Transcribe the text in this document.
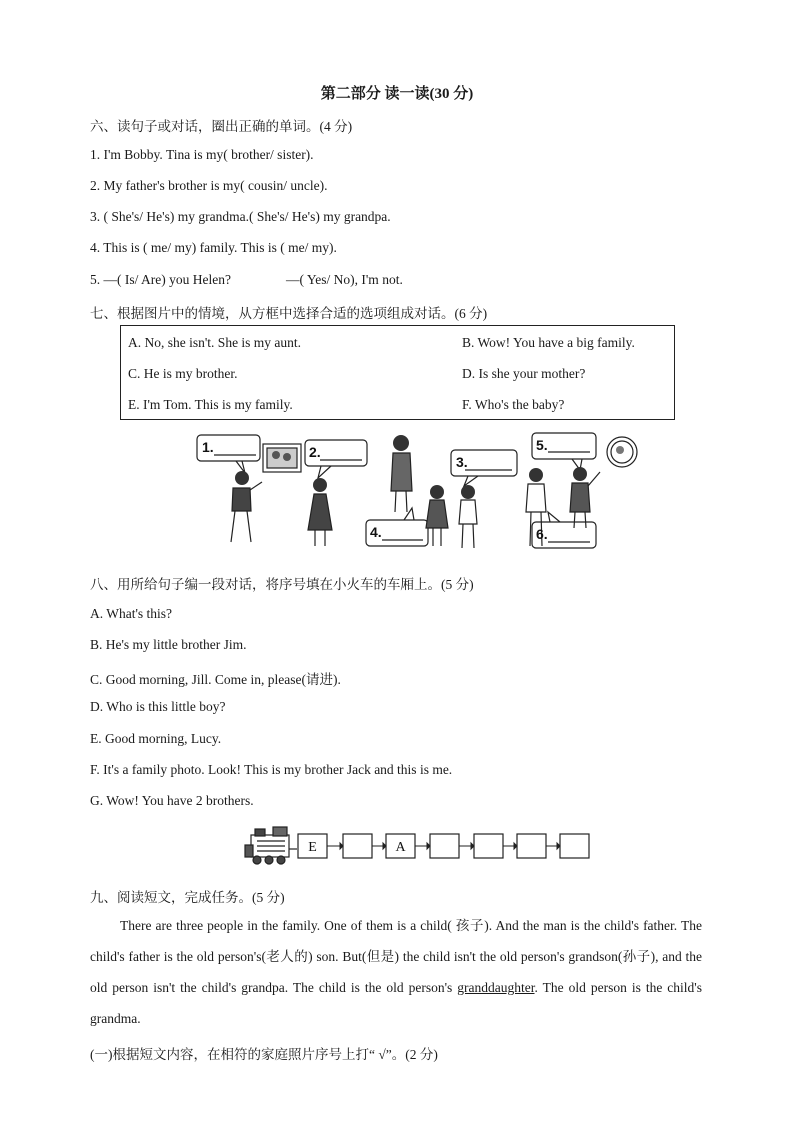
第二部分 读一读(30 分)
六、读句子或对话，圈出正确的单词。(4 分)
1. I'm Bobby. Tina is my( brother/ sister).
2. My father's brother is my( cousin/ uncle).
3. ( She's/ He's) my grandma.( She's/ He's) my grandpa.
4. This is ( me/ my) family. This is ( me/ my).
5. —( Is/ Are) you Helen?	—( Yes/ No), I'm not.
七、根据图片中的情境，从方框中选择合适的选项组成对话。(6 分)
A. No, she isn't. She is my aunt.	B. Wow! You have a big family.
C. He is my brother.	D. Is she your mother?
E. I'm Tom. This is my family.	F. Who's the baby?
1.	2.
3.
4.
5.
6.
八、用所给句子编一段对话，将序号填在小火车的车厢上。(5 分)
A. What's this?
B. He's my little brother Jim.
C. Good morning, Jill. Come in, please(请进).
D. Who is this little boy?
E. Good morning, Lucy.
F. It's a family photo. Look! This is my brother Jack and this is me.
G. Wow! You have 2 brothers.
E	A
九、阅读短文，完成任务。(5 分)
There are three people in the family. One of them is a child( 孩子). And the man is the child's father. The child's father is the old person's(老人的) son. But(但是) the child isn't the old person's grandson(孙子), and the old person isn't the child's grandpa. The child is the old person's granddaughter. The old person is the child's grandma.
(一)根据短文内容，在相符的家庭照片序号上打“ √”。(2 分)
